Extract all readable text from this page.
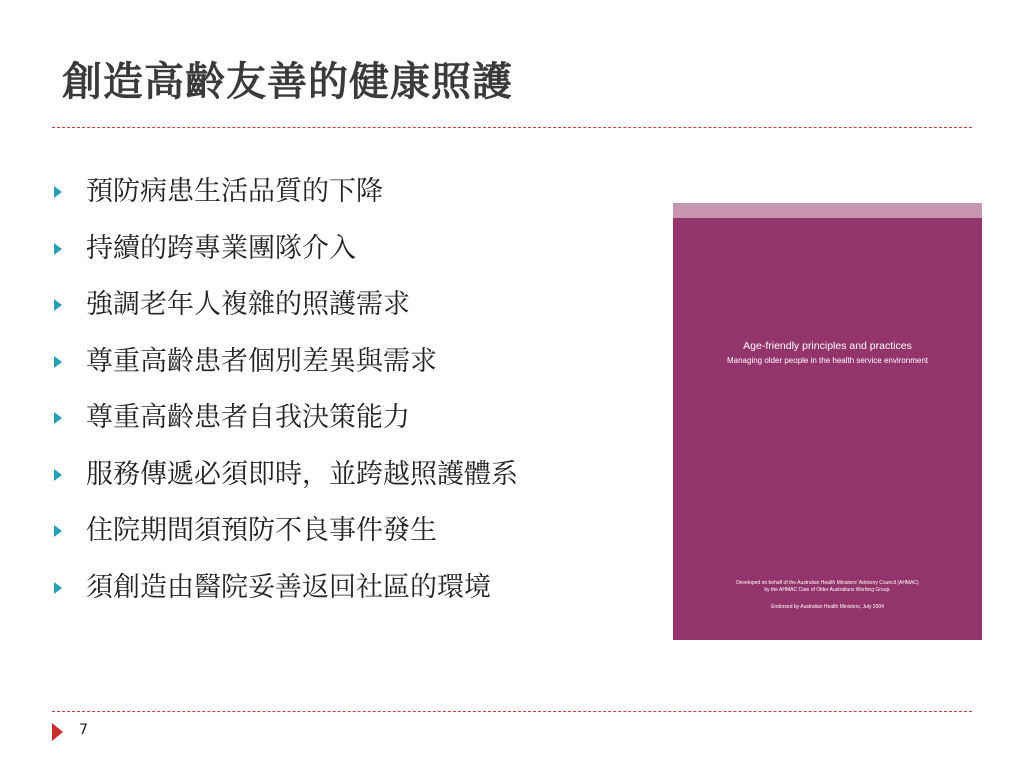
創造高齡友善的健康照護
預防病患生活品質的下降
持續的跨專業團隊介入
強調老年人複雜的照護需求
尊重高齡患者個別差異與需求
尊重高齡患者自我決策能力
服務傳遞必須即時，並跨越照護體系
住院期間須預防不良事件發生
須創造由醫院妥善返回社區的環境
Age-friendly principles and practices
Managing older people in the health service environment
Developed on behalf of the Australian Health Ministers' Advisory Council (AHMAC)
by the AHMAC Care of Older Australians Working Group.
Endorsed by Australian Health Ministers, July 2004
7
